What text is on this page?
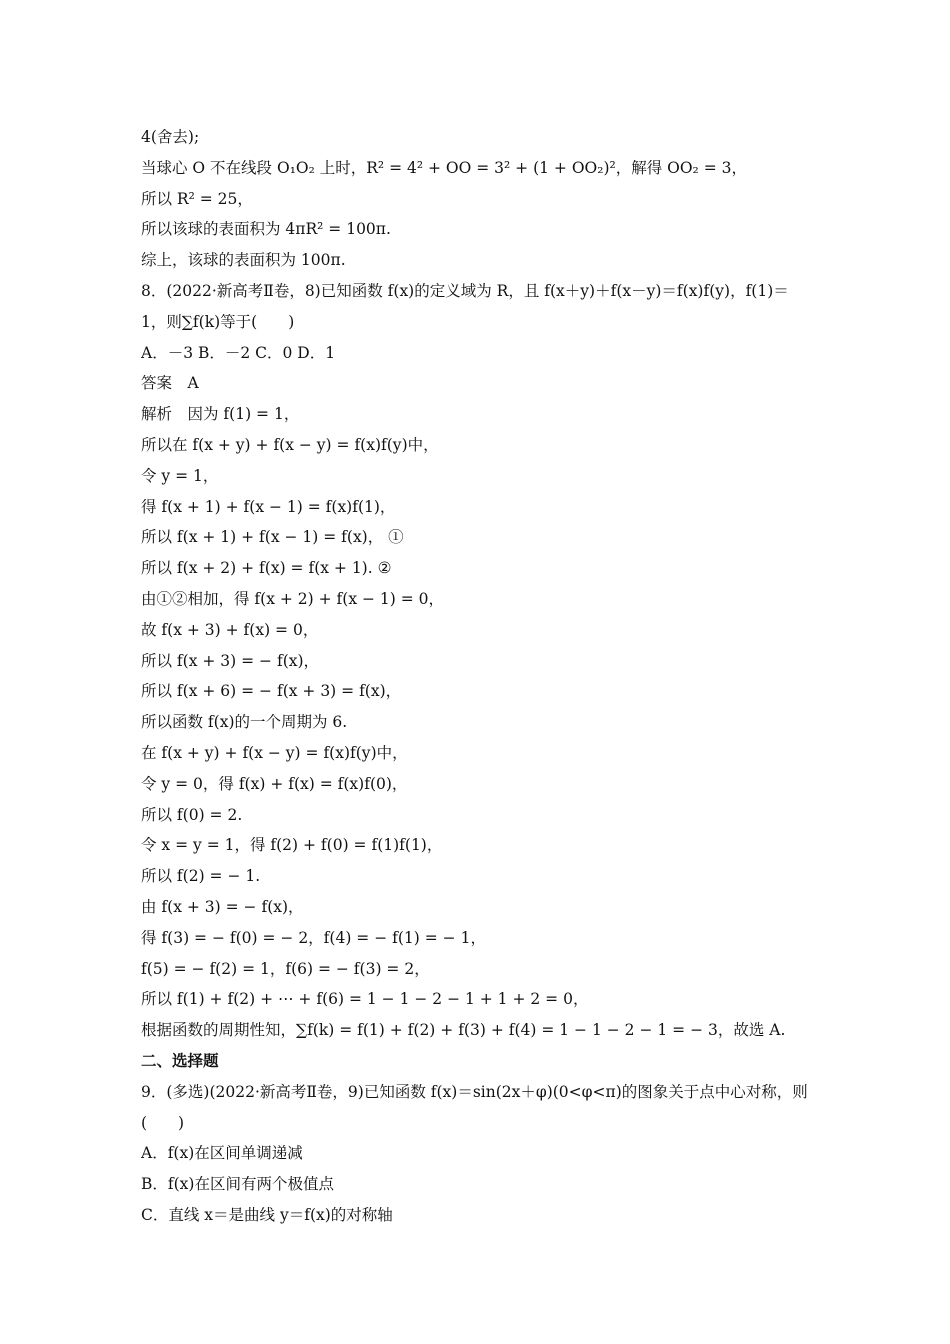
4(舍去);
当球心 O 不在线段 O₁O₂ 上时，R² = 4² + OO = 3² + (1 + OO₂)²，解得 OO₂ = 3，
所以 R² = 25，
所以该球的表面积为 4πR² = 100π.
综上，该球的表面积为 100π.
8．(2022·新高考Ⅱ卷，8)已知函数 f(x)的定义域为 R，且 f(x＋y)＋f(x－y)＝f(x)f(y)，f(1)＝
1，则∑f(k)等于(　　)
A．－3 B．－2 C．0 D．1
答案　A
解析　因为 f(1) = 1，
所以在 f(x + y) + f(x − y) = f(x)f(y)中，
令 y = 1，
得 f(x + 1) + f(x − 1) = f(x)f(1)，
所以 f(x + 1) + f(x − 1) = f(x)， ①
所以 f(x + 2) + f(x) = f(x + 1). ②
由①②相加，得 f(x + 2) + f(x − 1) = 0，
故 f(x + 3) + f(x) = 0，
所以 f(x + 3) = − f(x)，
所以 f(x + 6) = − f(x + 3) = f(x)，
所以函数 f(x)的一个周期为 6.
在 f(x + y) + f(x − y) = f(x)f(y)中，
令 y = 0，得 f(x) + f(x) = f(x)f(0)，
所以 f(0) = 2.
令 x = y = 1，得 f(2) + f(0) = f(1)f(1)，
所以 f(2) = − 1.
由 f(x + 3) = − f(x)，
得 f(3) = − f(0) = − 2，f(4) = − f(1) = − 1，
f(5) = − f(2) = 1，f(6) = − f(3) = 2，
所以 f(1) + f(2) + ⋯ + f(6) = 1 − 1 − 2 − 1 + 1 + 2 = 0，
根据函数的周期性知，∑f(k) = f(1) + f(2) + f(3) + f(4) = 1 − 1 − 2 − 1 = − 3，故选 A.
二、选择题
9．(多选)(2022·新高考Ⅱ卷，9)已知函数 f(x)＝sin(2x＋φ)(0<φ<π)的图象关于点中心对称，则
(　　)
A．f(x)在区间单调递减
B．f(x)在区间有两个极值点
C．直线 x＝是曲线 y＝f(x)的对称轴
